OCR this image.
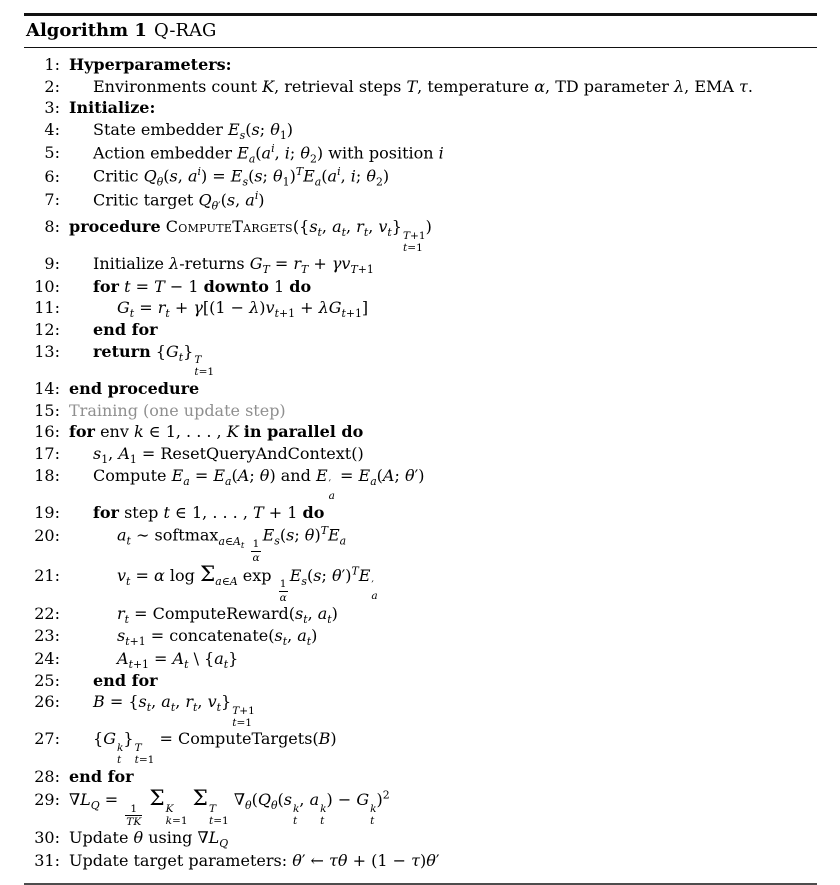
Algorithm 1 Q-RAG
1: Hyperparameters:
2:	Environments count K, retrieval steps T, temperature α, TD parameter λ, EMA τ.
3: Initialize:
4:	State embedder $E_s(s$; $\theta_1$)
5:	Action embedder $E_a(a^i$, i; $\theta_2$) with position i
6:	Critic $Q_\theta(s$, $a^i) = E_s(s$; $\theta_1)^TE_a(a^i$, i; $\theta_2$)
7:	Critic target $Q_{\theta'}(s$, $a^i$)
8: procedure $ComputeTargets(\{s_t$, $a_t$, $r_t$, $v_t$} T+1
t=1
)
9:	Initialize λ-returns $G_T = r_T + \gamma v_{T+1}$
10:	for t = T − 1 downto 1 do
11:	$G_t = r_t + \gamma[(1 - \lambda)v_{t+1} + \lambda G_{t+1}]$
12:	end for
13:	return $\{G_t\}$ T
t=1
14: end procedure
15: Training (one update step)
16: for env k ∈ 1, . . . , K in parallel do
17:	$s_1$, $A_1$ = ResetQueryAndContext()
18:	Compute $E_a = E_a(A$; θ) and E ′
a
= $E_a(A$; θ′)
19:	for step t ∈ 1, . . . , T + 1 do
20:	$a_t$ ∼ softmax$_{a\in A_t}$ $\frac{1}{\alpha}$
$E_s(s$; $\theta)^TE_a$
21:	$v_t = \alpha$ $\log \Sigma_{a\in A}$ exp
$\frac{1}{\alpha}$
$E_s(s$; θ′)$^T$E ′
a
22:	$r_t$ = $ComputeReward(s_t$, $a_t$)
23:	$s_{t+1}$ = $concatenate(s_t$, $a_t$)
24:	$A_{t+1} = A_t$ \ $\{a_t\}$
25:	end for
26:	$B = \{s_t$, $a_t$, $r_t$, $v_t$} T+1
t=1
27:	{G k
t
} T
t=1
= ComputeTargets(B)
28: end for
29: $\nabla L_Q$ =
$\frac{1}{TK}$
Σ K
k=1
Σ T
t=1
$\nabla_\theta(Q_\theta(s$ k
t
, a k
t
) − G k
t
)$^2$
30: Update θ using $\nabla L_Q$
31: Update target parameters: θ′ ← τθ + (1 − τ)θ′
